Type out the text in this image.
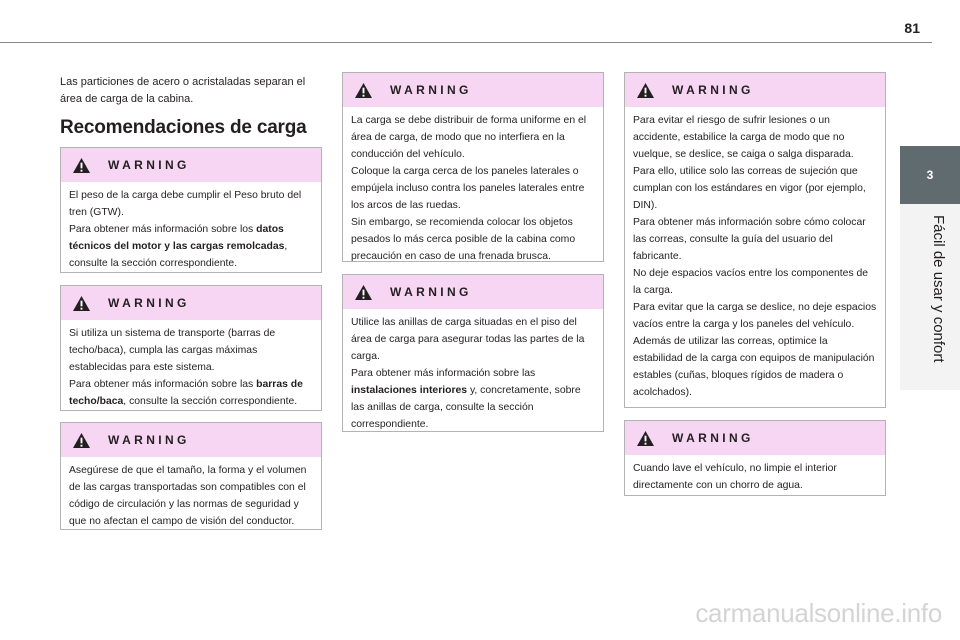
81
3
Fácil de usar y confort
Las particiones de acero o acristaladas separan el área de carga de la cabina.
Recomendaciones de carga
WARNING

El peso de la carga debe cumplir el Peso bruto del tren (GTW).

Para obtener más información sobre los datos técnicos del motor y las cargas remolcadas, consulte la sección correspondiente.

WARNING

Si utiliza un sistema de transporte (barras de techo/baca), cumpla las cargas máximas establecidas para este sistema.

Para obtener más información sobre las barras de techo/baca, consulte la sección correspondiente.

WARNING

Asegúrese de que el tamaño, la forma y el volumen de las cargas transportadas son compatibles con el código de circulación y las normas de seguridad y que no afectan el campo de visión del conductor.

WARNING

La carga se debe distribuir de forma uniforme en el área de carga, de modo que no interfiera en la conducción del vehículo.

Coloque la carga cerca de los paneles laterales o empújela incluso contra los paneles laterales entre los arcos de las ruedas.

Sin embargo, se recomienda colocar los objetos pesados lo más cerca posible de la cabina como precaución en caso de una frenada brusca.

WARNING

Utilice las anillas de carga situadas en el piso del área de carga para asegurar todas las partes de la carga.

Para obtener más información sobre las instalaciones interiores y, concretamente, sobre las anillas de carga, consulte la sección correspondiente.

WARNING

Para evitar el riesgo de sufrir lesiones o un accidente, estabilice la carga de modo que no vuelque, se deslice, se caiga o salga disparada.

Para ello, utilice solo las correas de sujeción que cumplan con los estándares en vigor (por ejemplo, DIN).

Para obtener más información sobre cómo colocar las correas, consulte la guía del usuario del fabricante.

No deje espacios vacíos entre los componentes de la carga.

Para evitar que la carga se deslice, no deje espacios vacíos entre la carga y los paneles del vehículo.

Además de utilizar las correas, optimice la estabilidad de la carga con equipos de manipulación estables (cuñas, bloques rígidos de madera o acolchados).

WARNING

Cuando lave el vehículo, no limpie el interior directamente con un chorro de agua.

carmanualsonline.info
